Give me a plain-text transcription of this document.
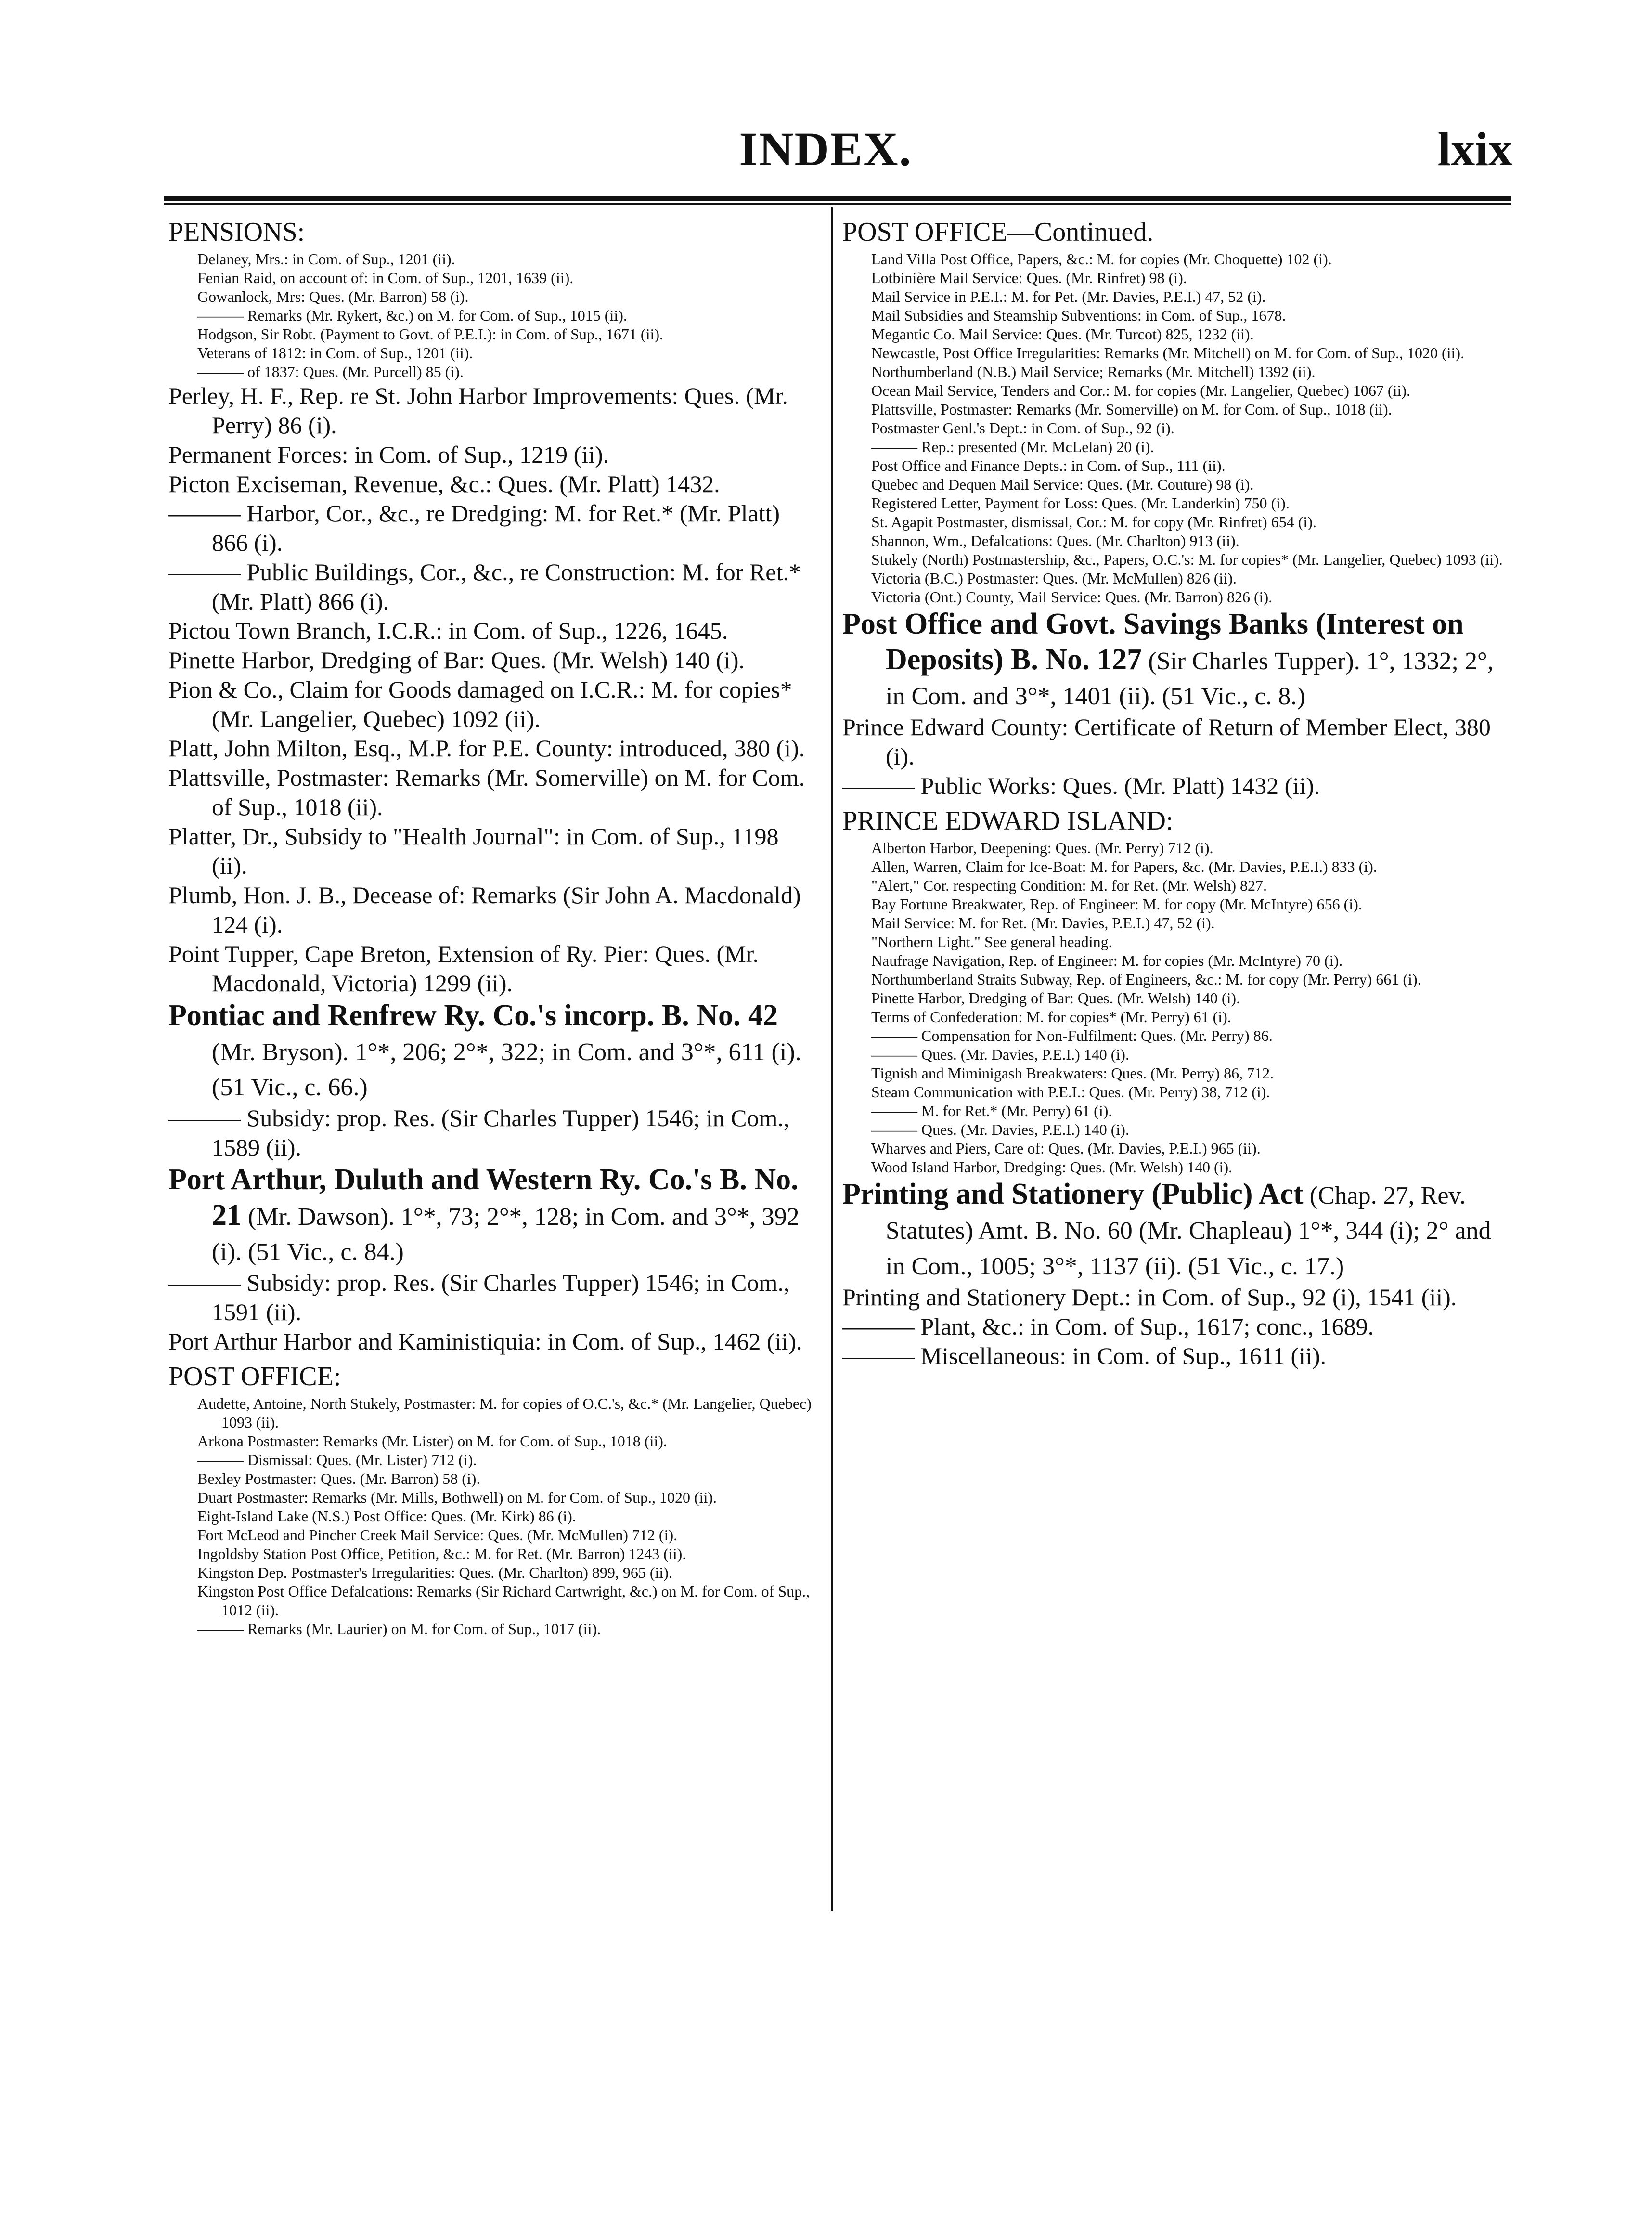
INDEX.	lxix

PENSIONS:

Delaney, Mrs.: in Com. of Sup., 1201 (ii).

Fenian Raid, on account of: in Com. of Sup., 1201, 1639 (ii).

Gowanlock, Mrs: Ques. (Mr. Barron) 58 (i).

——— Remarks (Mr. Rykert, &c.) on M. for Com. of Sup., 1015 (ii).

Hodgson, Sir Robt. (Payment to Govt. of P.E.I.): in Com. of Sup., 1671 (ii).

Veterans of 1812: in Com. of Sup., 1201 (ii).

——— of 1837: Ques. (Mr. Purcell) 85 (i).

Perley, H. F., Rep. re St. John Harbor Improvements: Ques. (Mr. Perry) 86 (i).

Permanent Forces: in Com. of Sup., 1219 (ii).

Picton Exciseman, Revenue, &c.: Ques. (Mr. Platt) 1432.

——— Harbor, Cor., &c., re Dredging: M. for Ret.* (Mr. Platt) 866 (i).

——— Public Buildings, Cor., &c., re Construction: M. for Ret.* (Mr. Platt) 866 (i).

Pictou Town Branch, I.C.R.: in Com. of Sup., 1226, 1645.

Pinette Harbor, Dredging of Bar: Ques. (Mr. Welsh) 140 (i).

Pion & Co., Claim for Goods damaged on I.C.R.: M. for copies* (Mr. Langelier, Quebec) 1092 (ii).

Platt, John Milton, Esq., M.P. for P.E. County: introduced, 380 (i).

Plattsville, Postmaster: Remarks (Mr. Somerville) on M. for Com. of Sup., 1018 (ii).

Platter, Dr., Subsidy to "Health Journal": in Com. of Sup., 1198 (ii).

Plumb, Hon. J. B., Decease of: Remarks (Sir John A. Macdonald) 124 (i).

Point Tupper, Cape Breton, Extension of Ry. Pier: Ques. (Mr. Macdonald, Victoria) 1299 (ii).

Pontiac and Renfrew Ry. Co.'s incorp. B. No. 42 (Mr. Bryson). 1°*, 206; 2°*, 322; in Com. and 3°*, 611 (i). (51 Vic., c. 66.)

——— Subsidy: prop. Res. (Sir Charles Tupper) 1546; in Com., 1589 (ii).

Port Arthur, Duluth and Western Ry. Co.'s B. No. 21 (Mr. Dawson). 1°*, 73; 2°*, 128; in Com. and 3°*, 392 (i). (51 Vic., c. 84.)

——— Subsidy: prop. Res. (Sir Charles Tupper) 1546; in Com., 1591 (ii).

Port Arthur Harbor and Kaministiquia: in Com. of Sup., 1462 (ii).

POST OFFICE:

Audette, Antoine, North Stukely, Postmaster: M. for copies of O.C.'s, &c.* (Mr. Langelier, Quebec) 1093 (ii).

Arkona Postmaster: Remarks (Mr. Lister) on M. for Com. of Sup., 1018 (ii).

——— Dismissal: Ques. (Mr. Lister) 712 (i).

Bexley Postmaster: Ques. (Mr. Barron) 58 (i).

Duart Postmaster: Remarks (Mr. Mills, Bothwell) on M. for Com. of Sup., 1020 (ii).

Eight-Island Lake (N.S.) Post Office: Ques. (Mr. Kirk) 86 (i).

Fort McLeod and Pincher Creek Mail Service: Ques. (Mr. McMullen) 712 (i).

Ingoldsby Station Post Office, Petition, &c.: M. for Ret. (Mr. Barron) 1243 (ii).

Kingston Dep. Postmaster's Irregularities: Ques. (Mr. Charlton) 899, 965 (ii).

Kingston Post Office Defalcations: Remarks (Sir Richard Cartwright, &c.) on M. for Com. of Sup., 1012 (ii).

——— Remarks (Mr. Laurier) on M. for Com. of Sup., 1017 (ii).

POST OFFICE—Continued.

Land Villa Post Office, Papers, &c.: M. for copies (Mr. Choquette) 102 (i).

Lotbinière Mail Service: Ques. (Mr. Rinfret) 98 (i).

Mail Service in P.E.I.: M. for Pet. (Mr. Davies, P.E.I.) 47, 52 (i).

Mail Subsidies and Steamship Subventions: in Com. of Sup., 1678.

Megantic Co. Mail Service: Ques. (Mr. Turcot) 825, 1232 (ii).

Newcastle, Post Office Irregularities: Remarks (Mr. Mitchell) on M. for Com. of Sup., 1020 (ii).

Northumberland (N.B.) Mail Service; Remarks (Mr. Mitchell) 1392 (ii).

Ocean Mail Service, Tenders and Cor.: M. for copies (Mr. Langelier, Quebec) 1067 (ii).

Plattsville, Postmaster: Remarks (Mr. Somerville) on M. for Com. of Sup., 1018 (ii).

Postmaster Genl.'s Dept.: in Com. of Sup., 92 (i).

——— Rep.: presented (Mr. McLelan) 20 (i).

Post Office and Finance Depts.: in Com. of Sup., 111 (ii).

Quebec and Dequen Mail Service: Ques. (Mr. Couture) 98 (i).

Registered Letter, Payment for Loss: Ques. (Mr. Landerkin) 750 (i).

St. Agapit Postmaster, dismissal, Cor.: M. for copy (Mr. Rinfret) 654 (i).

Shannon, Wm., Defalcations: Ques. (Mr. Charlton) 913 (ii).

Stukely (North) Postmastership, &c., Papers, O.C.'s: M. for copies* (Mr. Langelier, Quebec) 1093 (ii).

Victoria (B.C.) Postmaster: Ques. (Mr. McMullen) 826 (ii).

Victoria (Ont.) County, Mail Service: Ques. (Mr. Barron) 826 (i).

Post Office and Govt. Savings Banks (Interest on Deposits) B. No. 127 (Sir Charles Tupper). 1°, 1332; 2°, in Com. and 3°*, 1401 (ii). (51 Vic., c. 8.)

Prince Edward County: Certificate of Return of Member Elect, 380 (i).

——— Public Works: Ques. (Mr. Platt) 1432 (ii).

PRINCE EDWARD ISLAND:

Alberton Harbor, Deepening: Ques. (Mr. Perry) 712 (i).

Allen, Warren, Claim for Ice-Boat: M. for Papers, &c. (Mr. Davies, P.E.I.) 833 (i).

"Alert," Cor. respecting Condition: M. for Ret. (Mr. Welsh) 827.

Bay Fortune Breakwater, Rep. of Engineer: M. for copy (Mr. McIntyre) 656 (i).

Mail Service: M. for Ret. (Mr. Davies, P.E.I.) 47, 52 (i).

"Northern Light." See general heading.

Naufrage Navigation, Rep. of Engineer: M. for copies (Mr. McIntyre) 70 (i).

Northumberland Straits Subway, Rep. of Engineers, &c.: M. for copy (Mr. Perry) 661 (i).

Pinette Harbor, Dredging of Bar: Ques. (Mr. Welsh) 140 (i).

Terms of Confederation: M. for copies* (Mr. Perry) 61 (i).

——— Compensation for Non-Fulfilment: Ques. (Mr. Perry) 86.

——— Ques. (Mr. Davies, P.E.I.) 140 (i).

Tignish and Miminigash Breakwaters: Ques. (Mr. Perry) 86, 712.

Steam Communication with P.E.I.: Ques. (Mr. Perry) 38, 712 (i).

——— M. for Ret.* (Mr. Perry) 61 (i).

——— Ques. (Mr. Davies, P.E.I.) 140 (i).

Wharves and Piers, Care of: Ques. (Mr. Davies, P.E.I.) 965 (ii).

Wood Island Harbor, Dredging: Ques. (Mr. Welsh) 140 (i).

Printing and Stationery (Public) Act (Chap. 27, Rev. Statutes) Amt. B. No. 60 (Mr. Chapleau) 1°*, 344 (i); 2° and in Com., 1005; 3°*, 1137 (ii). (51 Vic., c. 17.)

Printing and Stationery Dept.: in Com. of Sup., 92 (i), 1541 (ii).

——— Plant, &c.: in Com. of Sup., 1617; conc., 1689.

——— Miscellaneous: in Com. of Sup., 1611 (ii).
